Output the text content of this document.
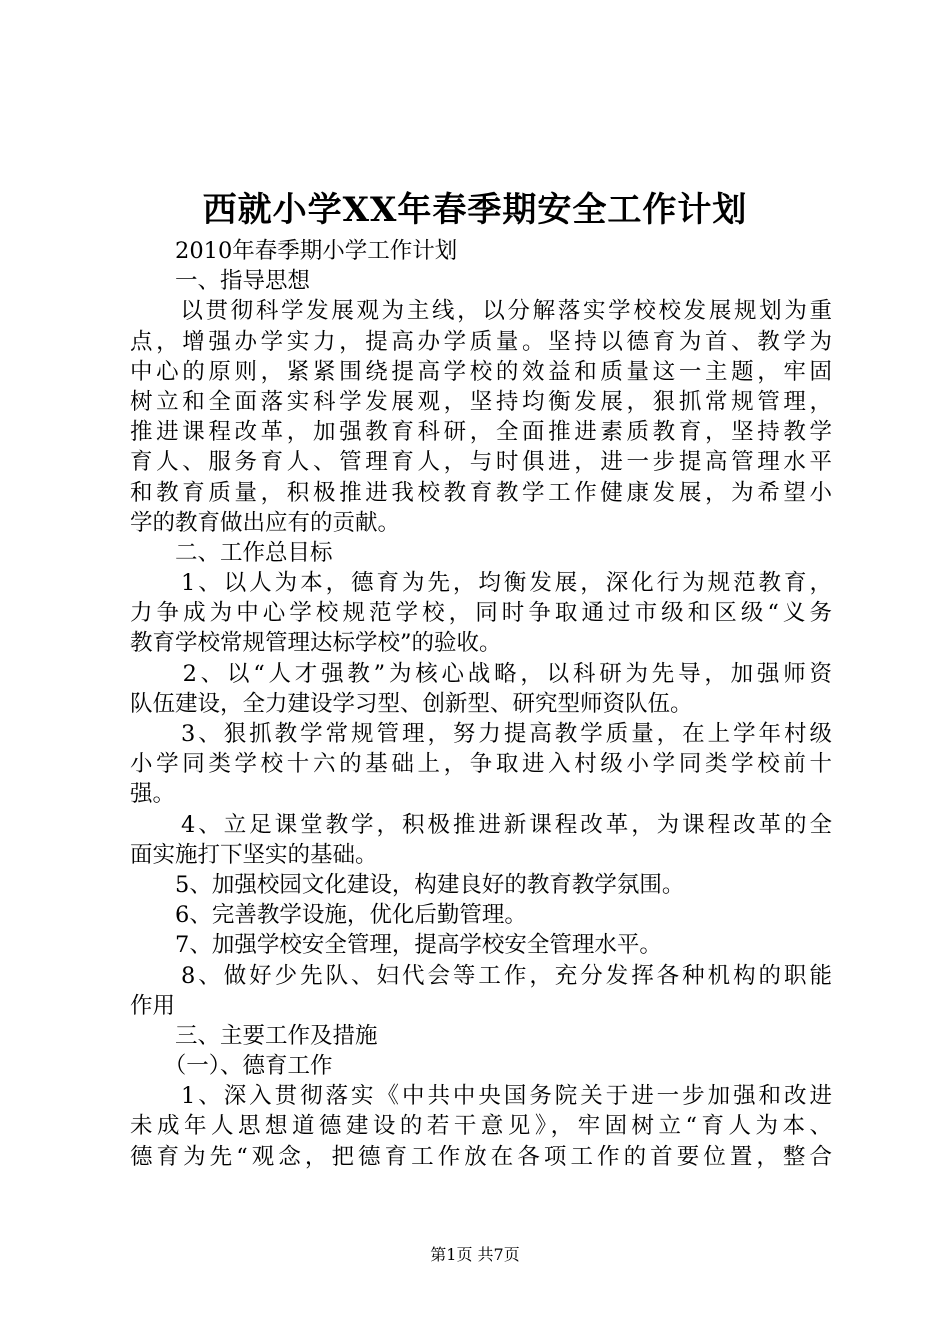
西就小学XX年春季期安全工作计划
　　2010年春季期小学工作计划
　　一、指导思想
　　以贯彻科学发展观为主线，以分解落实学校校发展规划为重
点，增强办学实力，提高办学质量。坚持以德育为首、教学为
中心的原则，紧紧围绕提高学校的效益和质量这一主题，牢固
树立和全面落实科学发展观，坚持均衡发展，狠抓常规管理，
推进课程改革，加强教育科研，全面推进素质教育，坚持教学
育人、服务育人、管理育人，与时俱进，进一步提高管理水平
和教育质量，积极推进我校教育教学工作健康发展，为希望小
学的教育做出应有的贡献。
　　二、工作总目标
　　1、以人为本，德育为先，均衡发展，深化行为规范教育，
力争成为中心学校规范学校，同时争取通过市级和区级“义务
教育学校常规管理达标学校”的验收。
　　2、以“人才强教”为核心战略，以科研为先导，加强师资
队伍建设，全力建设学习型、创新型、研究型师资队伍。
　　3、狠抓教学常规管理，努力提高教学质量，在上学年村级
小学同类学校十六的基础上，争取进入村级小学同类学校前十
强。
　　4、立足课堂教学，积极推进新课程改革，为课程改革的全
面实施打下坚实的基础。
　　5、加强校园文化建设，构建良好的教育教学氛围。
　　6、完善教学设施，优化后勤管理。
　　7、加强学校安全管理，提高学校安全管理水平。
　　8、做好少先队、妇代会等工作，充分发挥各种机构的职能
作用
　　三、主要工作及措施
　　（一）、德育工作
　　1、深入贯彻落实《中共中央国务院关于进一步加强和改进
未成年人思想道德建设的若干意见》，牢固树立“育人为本、
德育为先“观念，把德育工作放在各项工作的首要位置，整合
第1页 共7页
